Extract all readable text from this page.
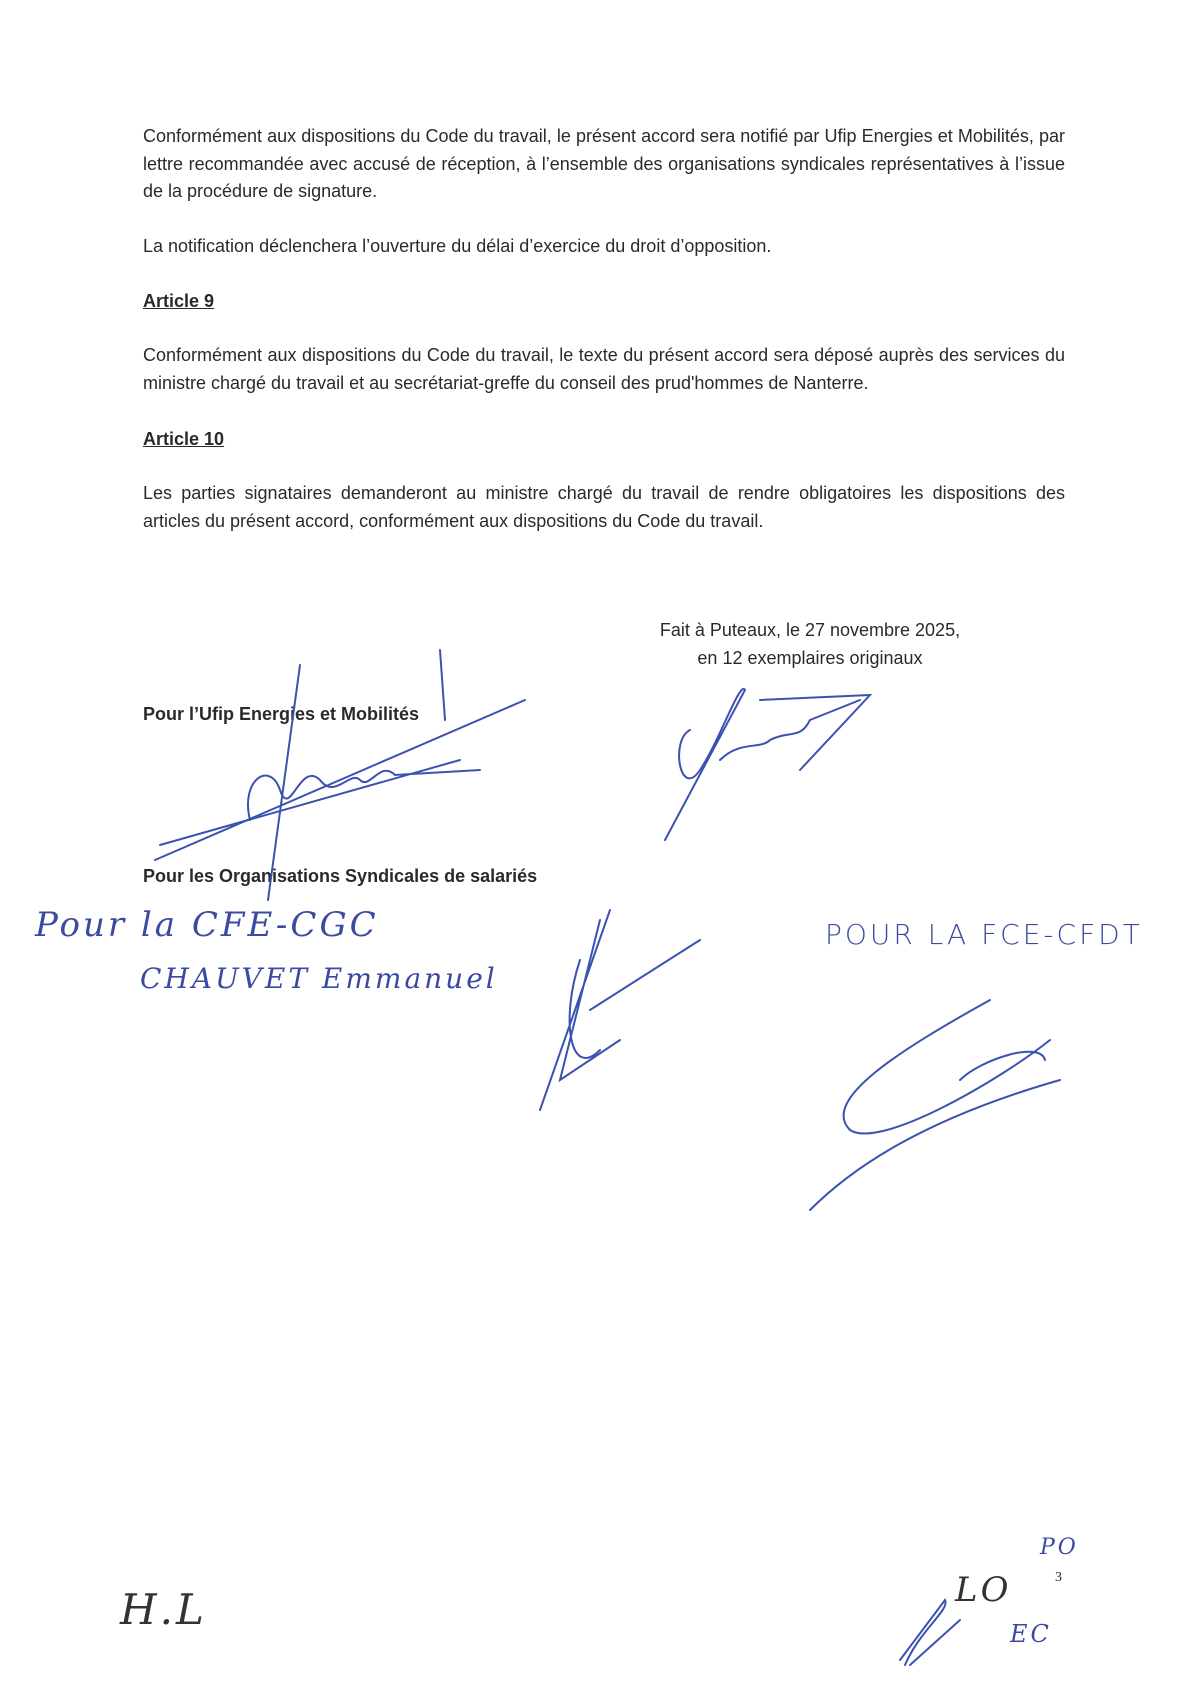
Conformément aux dispositions du Code du travail, le présent accord sera notifié par Ufip Energies et Mobilités, par lettre recommandée avec accusé de réception, à l’ensemble des organisations syndicales représentatives à l’issue de la procédure de signature.
La notification déclenchera l’ouverture du délai d’exercice du droit d’opposition.
Article 9
Conformément aux dispositions du Code du travail, le texte du présent accord sera déposé auprès des services du ministre chargé du travail et au secrétariat-greffe du conseil des prud'hommes de Nanterre.
Article 10
Les parties signataires demanderont au ministre chargé du travail de rendre obligatoires les dispositions des articles du présent accord, conformément aux dispositions du Code du travail.
Fait à Puteaux, le 27 novembre 2025,
en 12 exemplaires originaux
Pour l’Ufip Energies et Mobilités
Pour les Organisations Syndicales de salariés
Pour la CFE-CGC
CHAUVET Emmanuel
POUR LA FCE-CFDT
H.L	LO
PO
EC
3
